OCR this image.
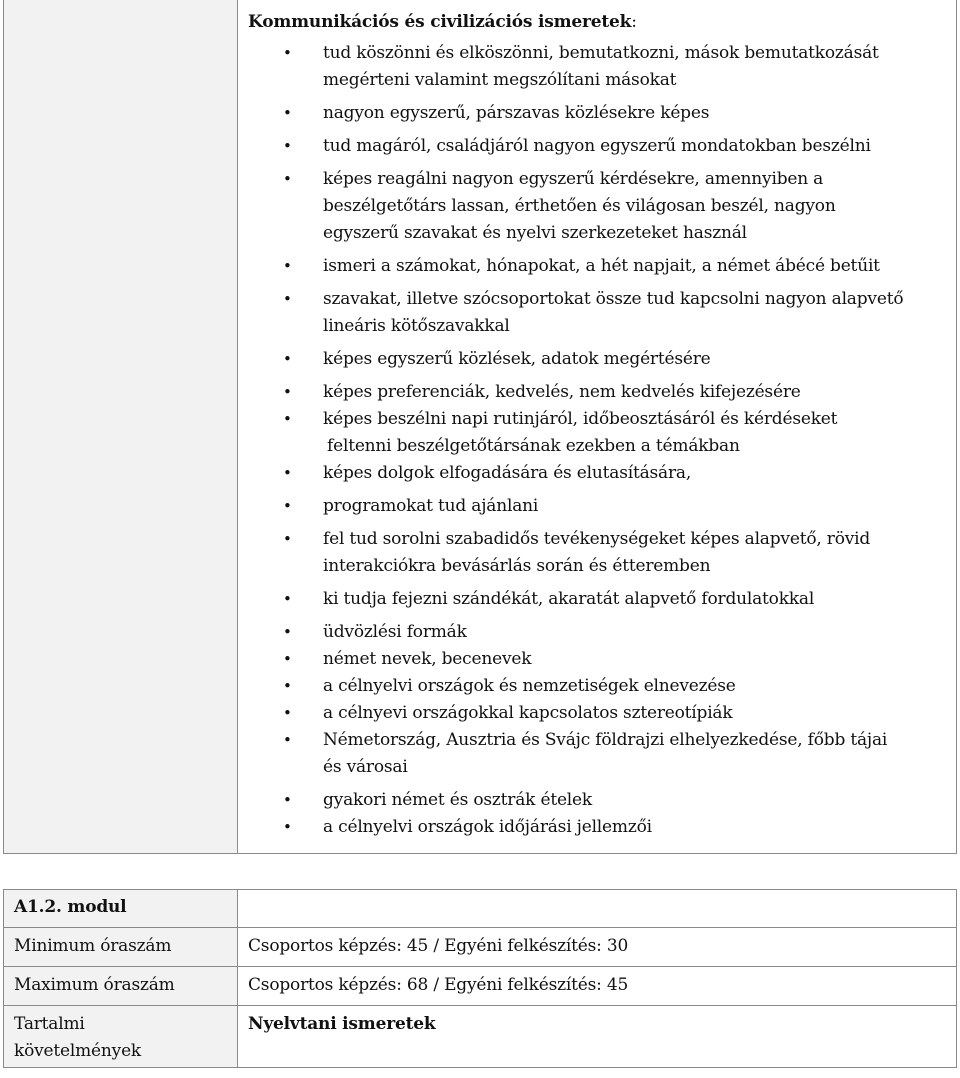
Kommunikációs és civilizációs ismeretek:
• tud köszönni és elköszönni, bemutatkozni, mások bemutatkozását
megérteni valamint megszólítani másokat
• nagyon egyszerű, párszavas közlésekre képes
• tud magáról, családjáról nagyon egyszerű mondatokban beszélni
• képes reagálni nagyon egyszerű kérdésekre, amennyiben a
beszélgetőtárs lassan, érthetően és világosan beszél, nagyon
egyszerű szavakat és nyelvi szerkezeteket használ
• ismeri a számokat, hónapokat, a hét napjait, a német ábécé betűit
• szavakat, illetve szócsoportokat össze tud kapcsolni nagyon alapvető
lineáris kötőszavakkal
• képes egyszerű közlések, adatok megértésére
• képes preferenciák, kedvelés, nem kedvelés kifejezésére
• képes beszélni napi rutinjáról, időbeosztásáról és kérdéseket
feltenni beszélgetőtársának ezekben a témákban
• képes dolgok elfogadására és elutasítására,
• programokat tud ajánlani
• fel tud sorolni szabadidős tevékenységeket képes alapvető, rövid
interakciókra bevásárlás során és étteremben
• ki tudja fejezni szándékát, akaratát alapvető fordulatokkal
• üdvözlési formák
• német nevek, becenevek
• a célnyelvi országok és nemzetiségek elnevezése
• a célnyevi országokkal kapcsolatos sztereotípiák
• Németország, Ausztria és Svájc földrajzi elhelyezkedése, főbb tájai
és városai
• gyakori német és osztrák ételek
• a célnyelvi országok időjárási jellemzői
A1.2. modul	
Minimum óraszám	Csoportos képzés: 45 / Egyéni felkészítés: 30
Maximum óraszám	Csoportos képzés: 68 / Egyéni felkészítés: 45
Tartalmi
követelmények	Nyelvtani ismeretek
